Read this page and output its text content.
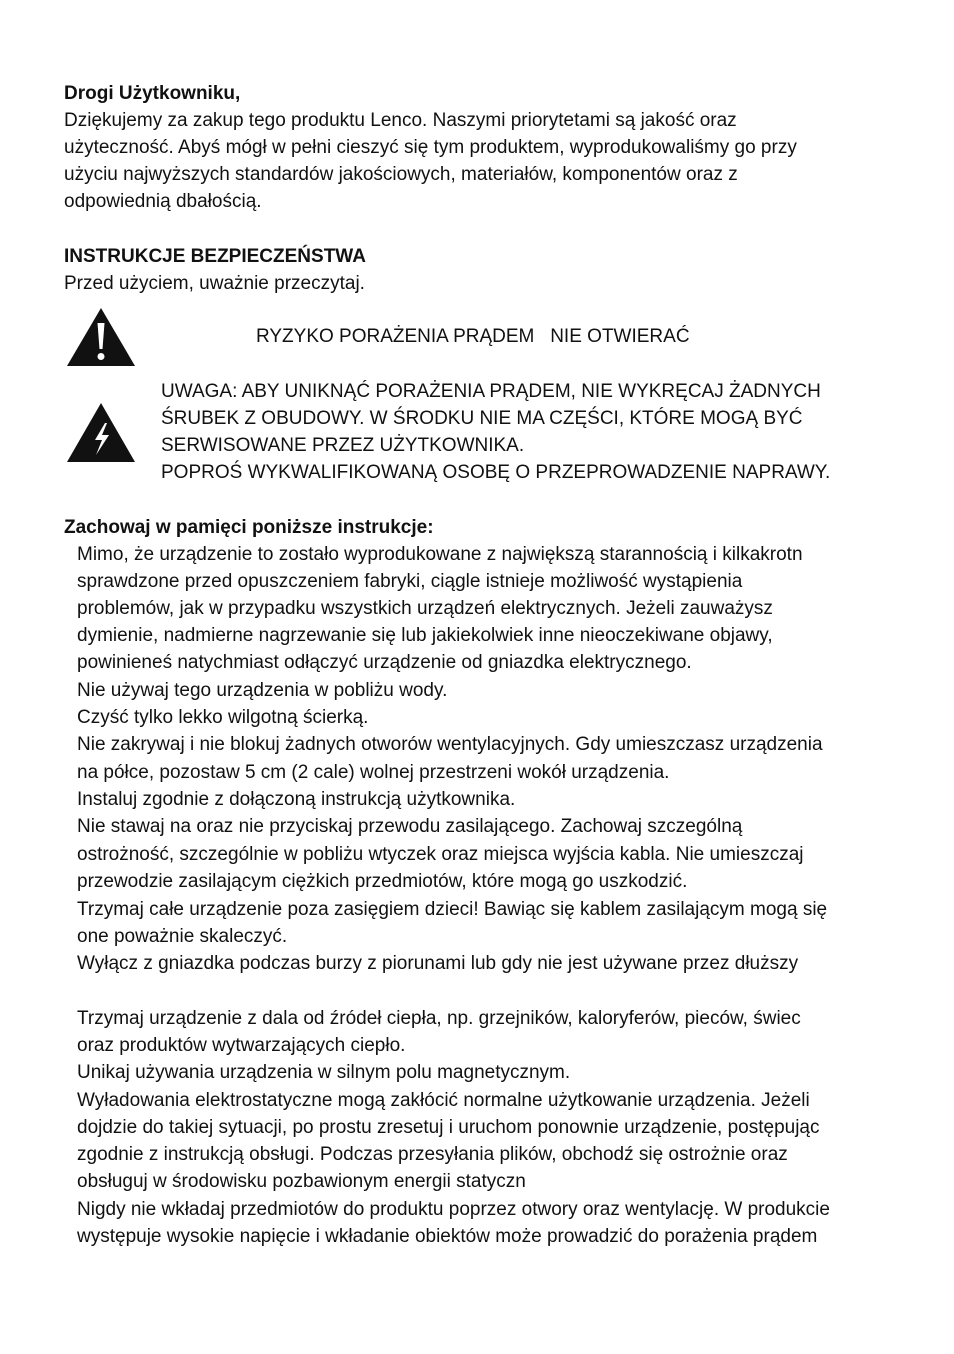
Drogi Użytkowniku,
Dziękujemy za zakup tego produktu Lenco. Naszymi priorytetami są jakość oraz
użyteczność. Abyś mógł w pełni cieszyć się tym produktem, wyprodukowaliśmy go przy
użyciu najwyższych standardów jakościowych, materiałów, komponentów oraz z
odpowiednią dbałością.
INSTRUKCJE BEZPIECZEŃSTWA
Przed użyciem, uważnie przeczytaj.
RYZYKO PORAŻENIA PRĄDEM   NIE OTWIERAĆ
UWAGA: ABY UNIKNĄĆ PORAŻENIA PRĄDEM, NIE WYKRĘCAJ ŻADNYCH
ŚRUBEK Z OBUDOWY. W ŚRODKU NIE MA CZĘŚCI, KTÓRE MOGĄ BYĆ
SERWISOWANE PRZEZ UŻYTKOWNIKA.
POPROŚ WYKWALIFIKOWANĄ OSOBĘ O PRZEPROWADZENIE NAPRAWY.
Zachowaj w pamięci poniższe instrukcje:
Mimo, że urządzenie to zostało wyprodukowane z największą starannością i kilkakrotn
sprawdzone przed opuszczeniem fabryki, ciągle istnieje możliwość wystąpienia
problemów, jak w przypadku wszystkich urządzeń elektrycznych. Jeżeli zauważysz
dymienie, nadmierne nagrzewanie się lub jakiekolwiek inne nieoczekiwane objawy,
powinieneś natychmiast odłączyć urządzenie od gniazdka elektrycznego.
Nie używaj tego urządzenia w pobliżu wody.
Czyść tylko lekko wilgotną ścierką.
Nie zakrywaj i nie blokuj żadnych otworów wentylacyjnych. Gdy umieszczasz urządzenia
na półce, pozostaw 5 cm (2 cale) wolnej przestrzeni wokół urządzenia.
Instaluj zgodnie z dołączoną instrukcją użytkownika.
Nie stawaj na oraz nie przyciskaj przewodu zasilającego. Zachowaj szczególną
ostrożność, szczególnie w pobliżu wtyczek oraz miejsca wyjścia kabla. Nie umieszczaj
przewodzie zasilającym ciężkich przedmiotów, które mogą go uszkodzić.
Trzymaj całe urządzenie poza zasięgiem dzieci! Bawiąc się kablem zasilającym mogą się
one poważnie skaleczyć.
Wyłącz z gniazdka podczas burzy z piorunami lub gdy nie jest używane przez dłuższy
Trzymaj urządzenie z dala od źródeł ciepła, np. grzejników, kaloryferów, pieców, świec
oraz produktów wytwarzających ciepło.
Unikaj używania urządzenia w silnym polu magnetycznym.
Wyładowania elektrostatyczne mogą zakłócić normalne użytkowanie urządzenia. Jeżeli
dojdzie do takiej sytuacji, po prostu zresetuj i uruchom ponownie urządzenie, postępując
zgodnie z instrukcją obsługi. Podczas przesyłania plików, obchodź się ostrożnie oraz
obsługuj w środowisku pozbawionym energii statyczn
Nigdy nie wkładaj przedmiotów do produktu poprzez otwory oraz wentylację. W produkcie
występuje wysokie napięcie i wkładanie obiektów może prowadzić do porażenia prądem
